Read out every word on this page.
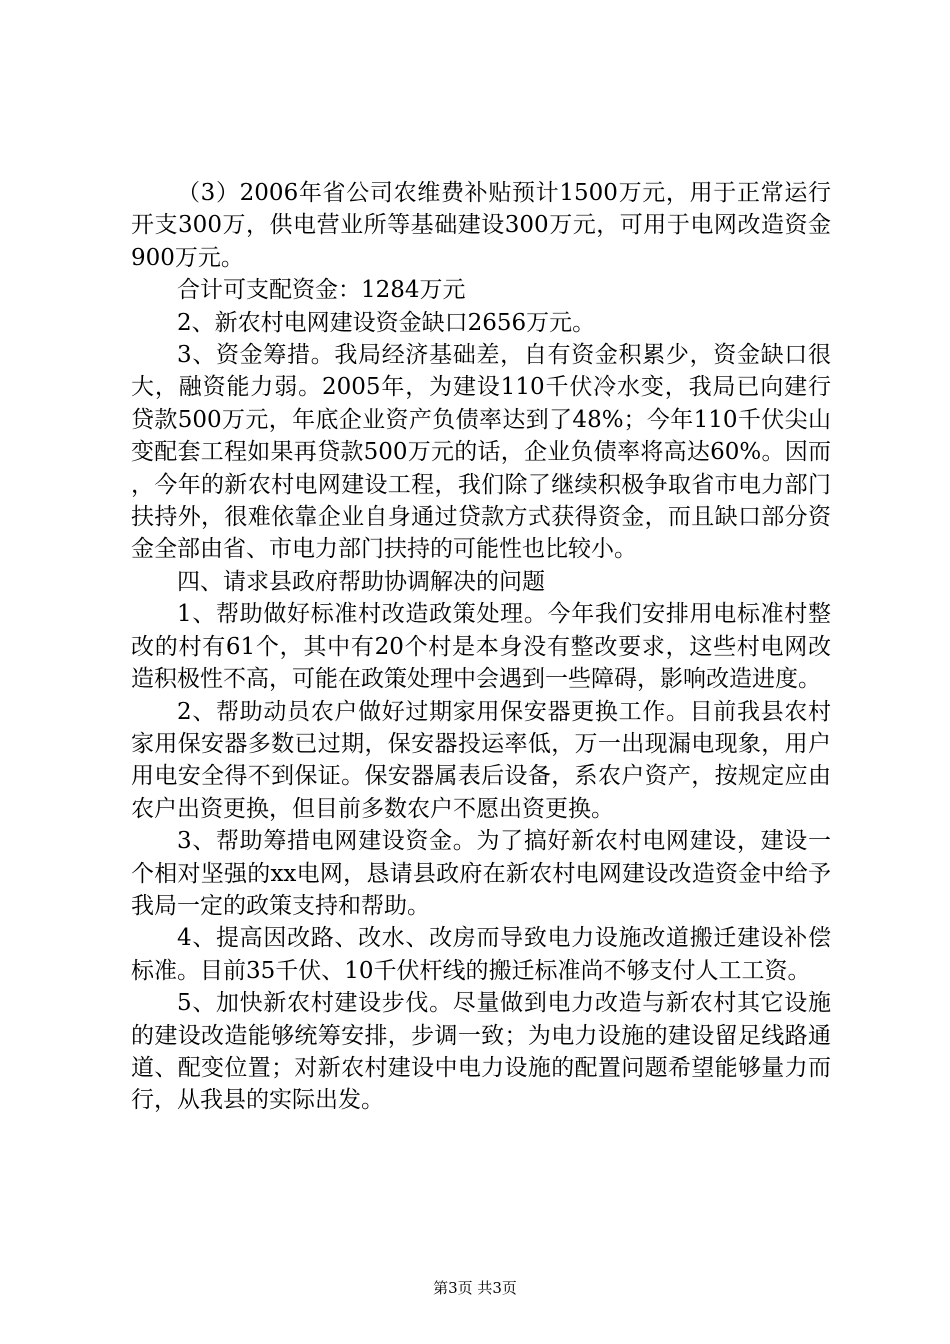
（3）2006年省公司农维费补贴预计1500万元，用于正常运行开支300万，供电营业所等基础建设300万元，可用于电网改造资金900万元。

合计可支配资金：1284万元

2、新农村电网建设资金缺口2656万元。

3、资金筹措。我局经济基础差，自有资金积累少，资金缺口很大，融资能力弱。2005年，为建设110千伏冷水变，我局已向建行贷款500万元，年底企业资产负债率达到了48%；今年110千伏尖山变配套工程如果再贷款500万元的话，企业负债率将高达60%。因而，今年的新农村电网建设工程，我们除了继续积极争取省市电力部门扶持外，很难依靠企业自身通过贷款方式获得资金，而且缺口部分资金全部由省、市电力部门扶持的可能性也比较小。

四、请求县政府帮助协调解决的问题

1、帮助做好标准村改造政策处理。今年我们安排用电标准村整改的村有61个，其中有20个村是本身没有整改要求，这些村电网改造积极性不高，可能在政策处理中会遇到一些障碍，影响改造进度。

2、帮助动员农户做好过期家用保安器更换工作。目前我县农村家用保安器多数已过期，保安器投运率低，万一出现漏电现象，用户用电安全得不到保证。保安器属表后设备，系农户资产，按规定应由农户出资更换，但目前多数农户不愿出资更换。

3、帮助筹措电网建设资金。为了搞好新农村电网建设，建设一个相对坚强的xx电网，恳请县政府在新农村电网建设改造资金中给予我局一定的政策支持和帮助。

4、提高因改路、改水、改房而导致电力设施改道搬迁建设补偿标准。目前35千伏、10千伏杆线的搬迁标准尚不够支付人工工资。

5、加快新农村建设步伐。尽量做到电力改造与新农村其它设施的建设改造能够统筹安排，步调一致；为电力设施的建设留足线路通道、配变位置；对新农村建设中电力设施的配置问题希望能够量力而行，从我县的实际出发。

第3页 共3页
